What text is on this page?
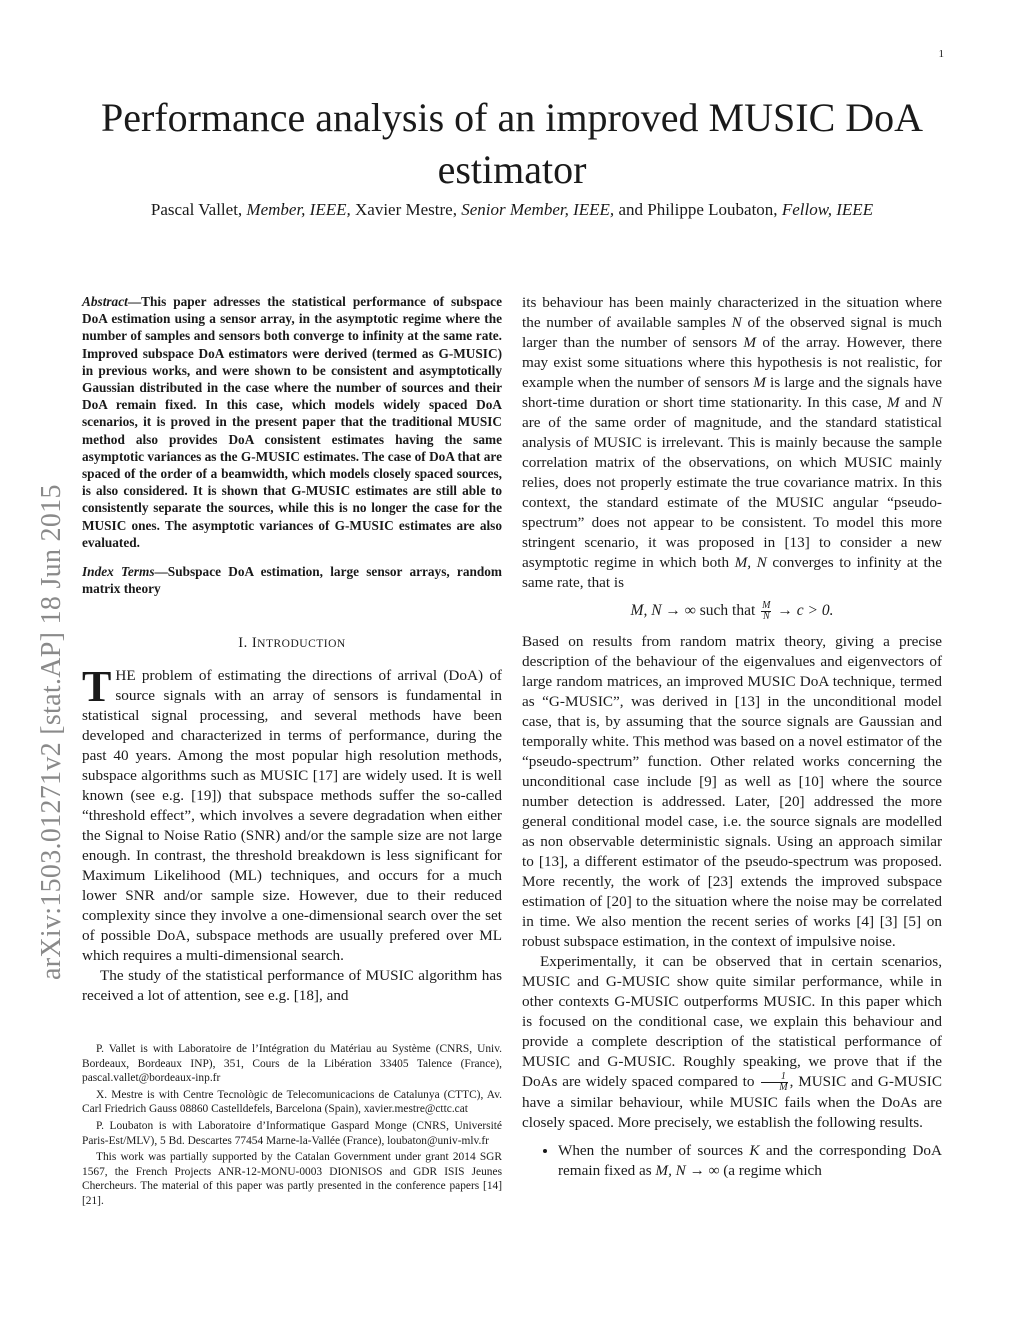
1
arXiv:1503.01271v2 [stat.AP] 18 Jun 2015
Performance analysis of an improved MUSIC DoA
estimator
Pascal Vallet, Member, IEEE, Xavier Mestre, Senior Member, IEEE, and Philippe Loubaton, Fellow, IEEE

Abstract—This paper adresses the statistical performance of subspace DoA estimation using a sensor array, in the asymptotic regime where the number of samples and sensors both converge to infinity at the same rate. Improved subspace DoA estimators were derived (termed as G-MUSIC) in previous works, and were shown to be consistent and asymptotically Gaussian distributed in the case where the number of sources and their DoA remain fixed. In this case, which models widely spaced DoA scenarios, it is proved in the present paper that the traditional MUSIC method also provides DoA consistent estimates having the same asymptotic variances as the G-MUSIC estimates. The case of DoA that are spaced of the order of a beamwidth, which models closely spaced sources, is also considered. It is shown that G-MUSIC estimates are still able to consistently separate the sources, while this is no longer the case for the MUSIC ones. The asymptotic variances of G-MUSIC estimates are also evaluated.

Index Terms—Subspace DoA estimation, large sensor arrays, random matrix theory

I. INTRODUCTION

THE problem of estimating the directions of arrival (DoA) of source signals with an array of sensors is fundamental in statistical signal processing, and several methods have been developed and characterized in terms of performance, during the past 40 years. Among the most popular high resolution methods, subspace algorithms such as MUSIC [17] are widely used. It is well known (see e.g. [19]) that subspace methods suffer the so-called “threshold effect”, which involves a severe degradation when either the Signal to Noise Ratio (SNR) and/or the sample size are not large enough. In contrast, the threshold breakdown is less significant for Maximum Likelihood (ML) techniques, and occurs for a much lower SNR and/or sample size. However, due to their reduced complexity since they involve a one-dimensional search over the set of possible DoA, subspace methods are usually prefered over ML which requires a multi-dimensional search.

The study of the statistical performance of MUSIC algorithm has received a lot of attention, see e.g. [18], and

P. Vallet is with Laboratoire de l’Intégration du Matériau au Système (CNRS, Univ. Bordeaux, Bordeaux INP), 351, Cours de la Libération 33405 Talence (France), pascal.vallet@bordeaux-inp.fr

X. Mestre is with Centre Tecnològic de Telecomunicacions de Catalunya (CTTC), Av. Carl Friedrich Gauss 08860 Castelldefels, Barcelona (Spain), xavier.mestre@cttc.cat

P. Loubaton is with Laboratoire d’Informatique Gaspard Monge (CNRS, Université Paris-Est/MLV), 5 Bd. Descartes 77454 Marne-la-Vallée (France), loubaton@univ-mlv.fr

This work was partially supported by the Catalan Government under grant 2014 SGR 1567, the French Projects ANR-12-MONU-0003 DIONISOS and GDR ISIS Jeunes Chercheurs. The material of this paper was partly presented in the conference papers [14] [21].

its behaviour has been mainly characterized in the situation where the number of available samples N of the observed signal is much larger than the number of sensors M of the array. However, there may exist some situations where this hypothesis is not realistic, for example when the number of sensors M is large and the signals have short-time duration or short time stationarity. In this case, M and N are of the same order of magnitude, and the standard statistical analysis of MUSIC is irrelevant. This is mainly because the sample correlation matrix of the observations, on which MUSIC mainly relies, does not properly estimate the true covariance matrix. In this context, the standard estimate of the MUSIC angular “pseudo-spectrum” does not appear to be consistent. To model this more stringent scenario, it was proposed in [13] to consider a new asymptotic regime in which both M, N converges to infinity at the same rate, that is

M, N → ∞ such that $\frac{M}{N} \to c > 0$.

Based on results from random matrix theory, giving a precise description of the behaviour of the eigenvalues and eigenvectors of large random matrices, an improved MUSIC DoA technique, termed as “G-MUSIC”, was derived in [13] in the unconditional model case, that is, by assuming that the source signals are Gaussian and temporally white. This method was based on a novel estimator of the “pseudo-spectrum” function. Other related works concerning the unconditional case include [9] as well as [10] where the source number detection is addressed. Later, [20] addressed the more general conditional model case, i.e. the source signals are modelled as non observable deterministic signals. Using an approach similar to [13], a different estimator of the pseudo-spectrum was proposed. More recently, the work of [23] extends the improved subspace estimation of [20] to the situation where the noise may be correlated in time. We also mention the recent series of works [4] [3] [5] on robust subspace estimation, in the context of impulsive noise.

Experimentally, it can be observed that in certain scenarios, MUSIC and G-MUSIC show quite similar performance, while in other contexts G-MUSIC outperforms MUSIC. In this paper which is focused on the conditional case, we explain this behaviour and provide a complete description of the statistical performance of MUSIC and G-MUSIC. Roughly speaking, we prove that if the DoAs are widely spaced compared to $\frac{1}{M}$ , MUSIC and G-MUSIC have a similar behaviour, while MUSIC fails when the DoAs are closely spaced. More precisely, we establish the following results.

• When the number of sources K and the corresponding DoA remain fixed as M, N → ∞ (a regime which
